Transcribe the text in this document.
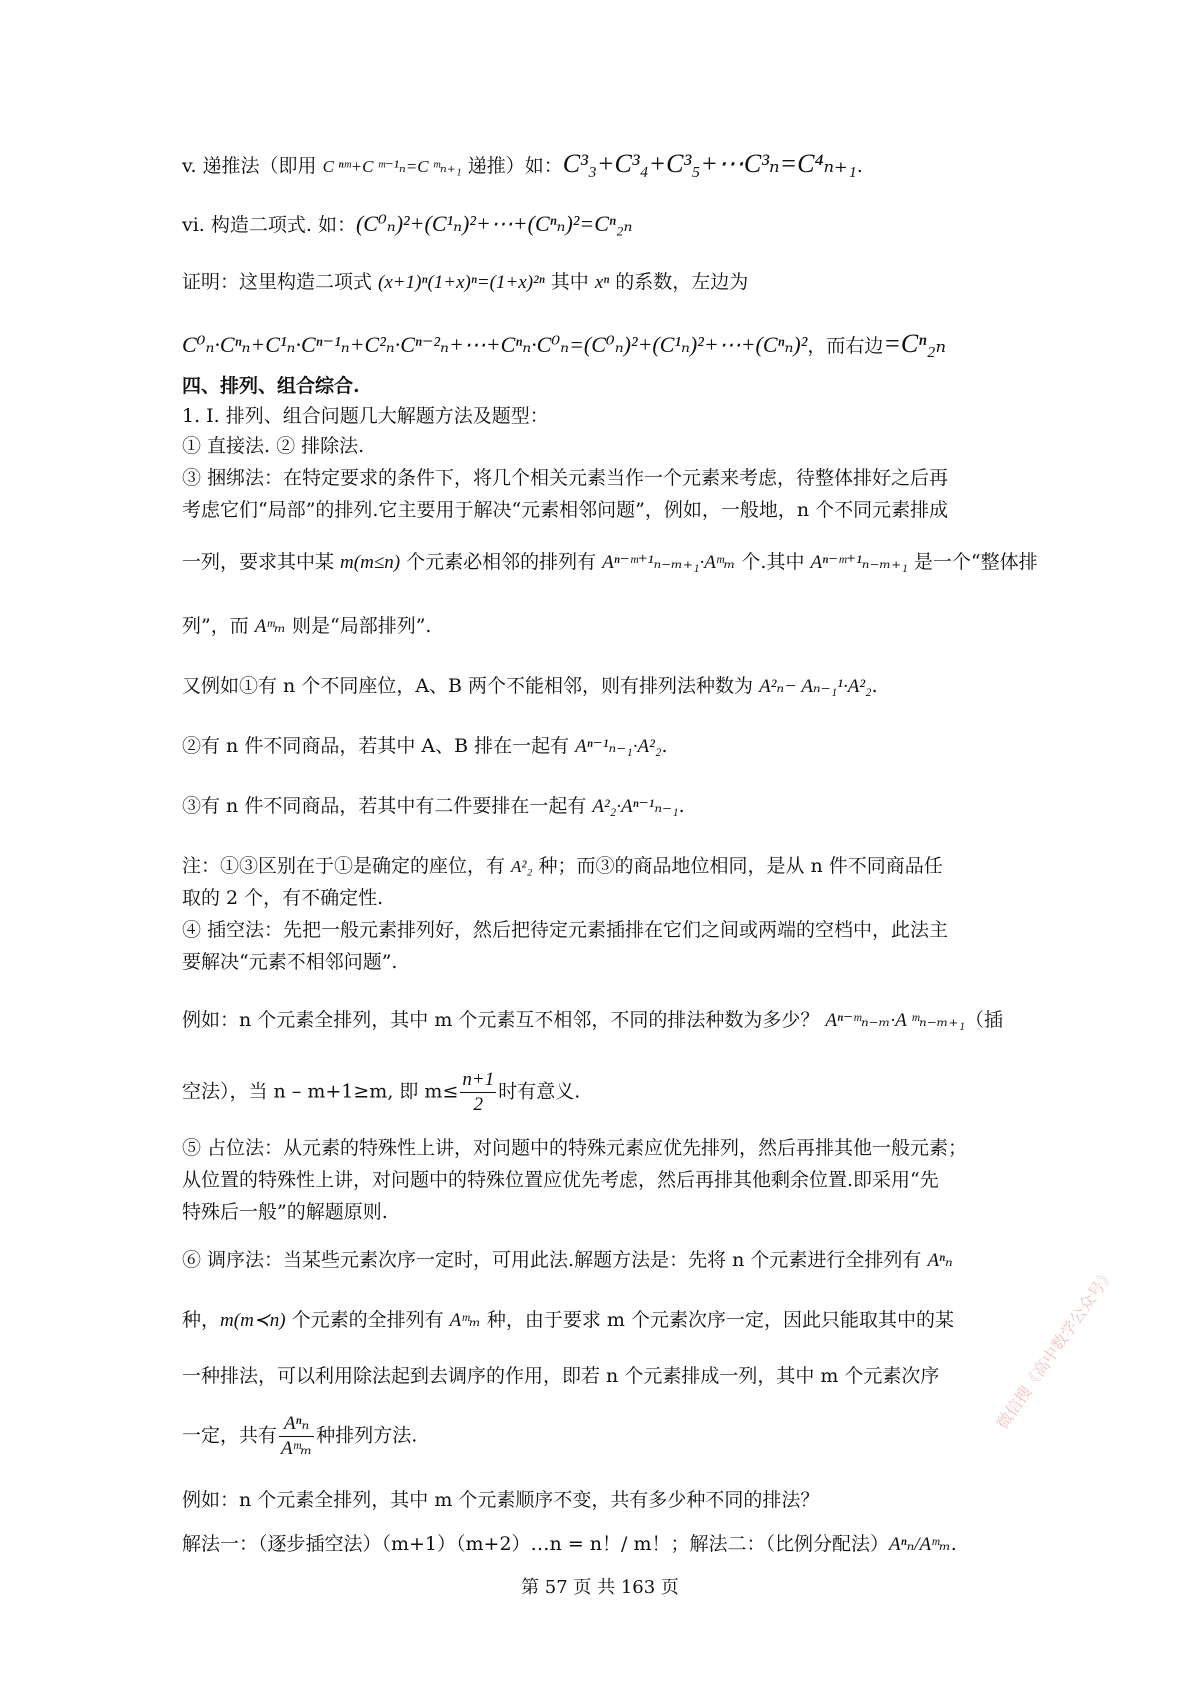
v. 递推法（即用 C ⁿᵐ+C ᵐ⁻¹ₙ=C ᵐₙ₊₁ 递推）如：C³₃+C³₄+C³₅+⋯C³ₙ=C⁴ₙ₊₁.
vi. 构造二项式. 如：(C⁰ₙ)²+(C¹ₙ)²+⋯+(Cⁿₙ)²=Cⁿ₂ₙ
证明：这里构造二项式 (x+1)ⁿ(1+x)ⁿ=(1+x)²ⁿ 其中 xⁿ 的系数，左边为
C⁰ₙ·Cⁿₙ+C¹ₙ·Cⁿ⁻¹ₙ+C²ₙ·Cⁿ⁻²ₙ+⋯+Cⁿₙ·C⁰ₙ=(C⁰ₙ)²+(C¹ₙ)²+⋯+(Cⁿₙ)²，而右边=Cⁿ₂ₙ
四、排列、组合综合.
1. I. 排列、组合问题几大解题方法及题型：
① 直接法. ② 排除法.
③ 捆绑法：在特定要求的条件下，将几个相关元素当作一个元素来考虑，待整体排好之后再
考虑它们“局部”的排列.它主要用于解决“元素相邻问题”，例如，一般地，n 个不同元素排成
一列，要求其中某 m(m≤n) 个元素必相邻的排列有 Aⁿ⁻ᵐ⁺¹ₙ₋ₘ₊₁·Aᵐₘ 个.其中 Aⁿ⁻ᵐ⁺¹ₙ₋ₘ₊₁ 是一个“整体排
列”，而 Aᵐₘ 则是“局部排列”.
又例如①有 n 个不同座位，A、B 两个不能相邻，则有排列法种数为 A²ₙ− Aₙ₋₁¹·A²₂.
②有 n 件不同商品，若其中 A、B 排在一起有 Aⁿ⁻¹ₙ₋₁·A²₂.
③有 n 件不同商品，若其中有二件要排在一起有 A²₂·Aⁿ⁻¹ₙ₋₁.
注：①③区别在于①是确定的座位，有 A²₂ 种；而③的商品地位相同，是从 n 件不同商品任
取的 2 个，有不确定性.
④ 插空法：先把一般元素排列好，然后把待定元素插排在它们之间或两端的空档中，此法主
要解决“元素不相邻问题”.
例如：n 个元素全排列，其中 m 个元素互不相邻，不同的排法种数为多少？ Aⁿ⁻ᵐₙ₋ₘ·A ᵐₙ₋ₘ₊₁（插
空法），当 n – m+1≥m, 即 $m\le \frac{n+1}{2}$ 时有意义.
⑤ 占位法：从元素的特殊性上讲，对问题中的特殊元素应优先排列，然后再排其他一般元素；
从位置的特殊性上讲，对问题中的特殊位置应优先考虑，然后再排其他剩余位置.即采用“先
特殊后一般”的解题原则.
⑥ 调序法：当某些元素次序一定时，可用此法.解题方法是：先将 n 个元素进行全排列有 Aⁿₙ
种，m(m≺n) 个元素的全排列有 Aᵐₘ 种，由于要求 m 个元素次序一定，因此只能取其中的某
一种排法，可以利用除法起到去调序的作用，即若 n 个元素排成一列，其中 m 个元素次序
一定，共有 $\frac{\text{Aⁿₙ}}{\text{Aᵐₘ}}$ 种排列方法.
例如：n 个元素全排列，其中 m 个元素顺序不变，共有多少种不同的排法？
解法一：（逐步插空法）（m+1）（m+2）…n = n！/ m！；解法二：（比例分配法）Aⁿₙ/Aᵐₘ.
第 57 页 共 163 页
微信搜《高中数学公众号》
